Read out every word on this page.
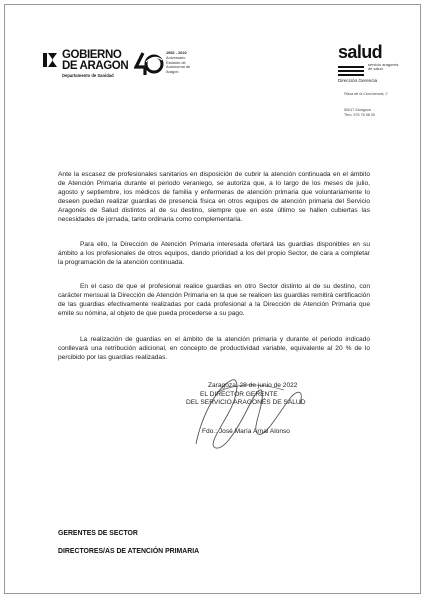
GOBIERNO
DE ARAGON
Departamento de Sanidad
1982 - 2022
Aniversario
Estatuto de
Autonomía de
Aragón
salud
servicio aragonés
de salud
Dirección Gerencia
Plaza de la Convivencia, 2
50017 Zaragoza
Tfno. 976 76 58 00

Ante la escasez de profesionales sanitarios en disposición de cubrir la atención continuada en el ámbito de Atención Primaria durante el periodo veraniego, se autoriza que, a lo largo de los meses de julio, agosto y septiembre, los médicos de familia y enfermeras de atención primaria que voluntariamente lo deseen puedan realizar guardias de presencia física en otros equipos de atención primaria del Servicio Aragonés de Salud distintos al de su destino, siempre que en este último se hallen cubiertas las necesidades de jornada, tanto ordinaria como complementaria.

Para ello, la Dirección de Atención Primaria interesada ofertará las guardias disponibles en su ámbito a los profesionales de otros equipos, dando prioridad a los del propio Sector, de cara a completar la programación de la atención continuada.

En el caso de que el profesional realice guardias en otro Sector distinto al de su destino, con carácter mensual la Dirección de Atención Primaria en la que se realicen las guardias remitirá certificación de las guardias efectivamente realizadas por cada profesional a la Dirección de Atención Primaria que emite su nómina, al objeto de que pueda procederse a su pago.

La realización de guardias en el ámbito de la atención primaria y durante el periodo indicado conllevará una retribución adicional, en concepto de productividad variable, equivalente al 20 % de lo percibido por las guardias realizadas.

Zaragoza, 28 de junio de 2022
EL DIRECTOR GERENTE
DEL SERVICIO ARAGONÉS DE SALUD
Fdo.: José María Arnal Alonso
GERENTES DE SECTOR
DIRECTORES/AS DE ATENCIÓN PRIMARIA
